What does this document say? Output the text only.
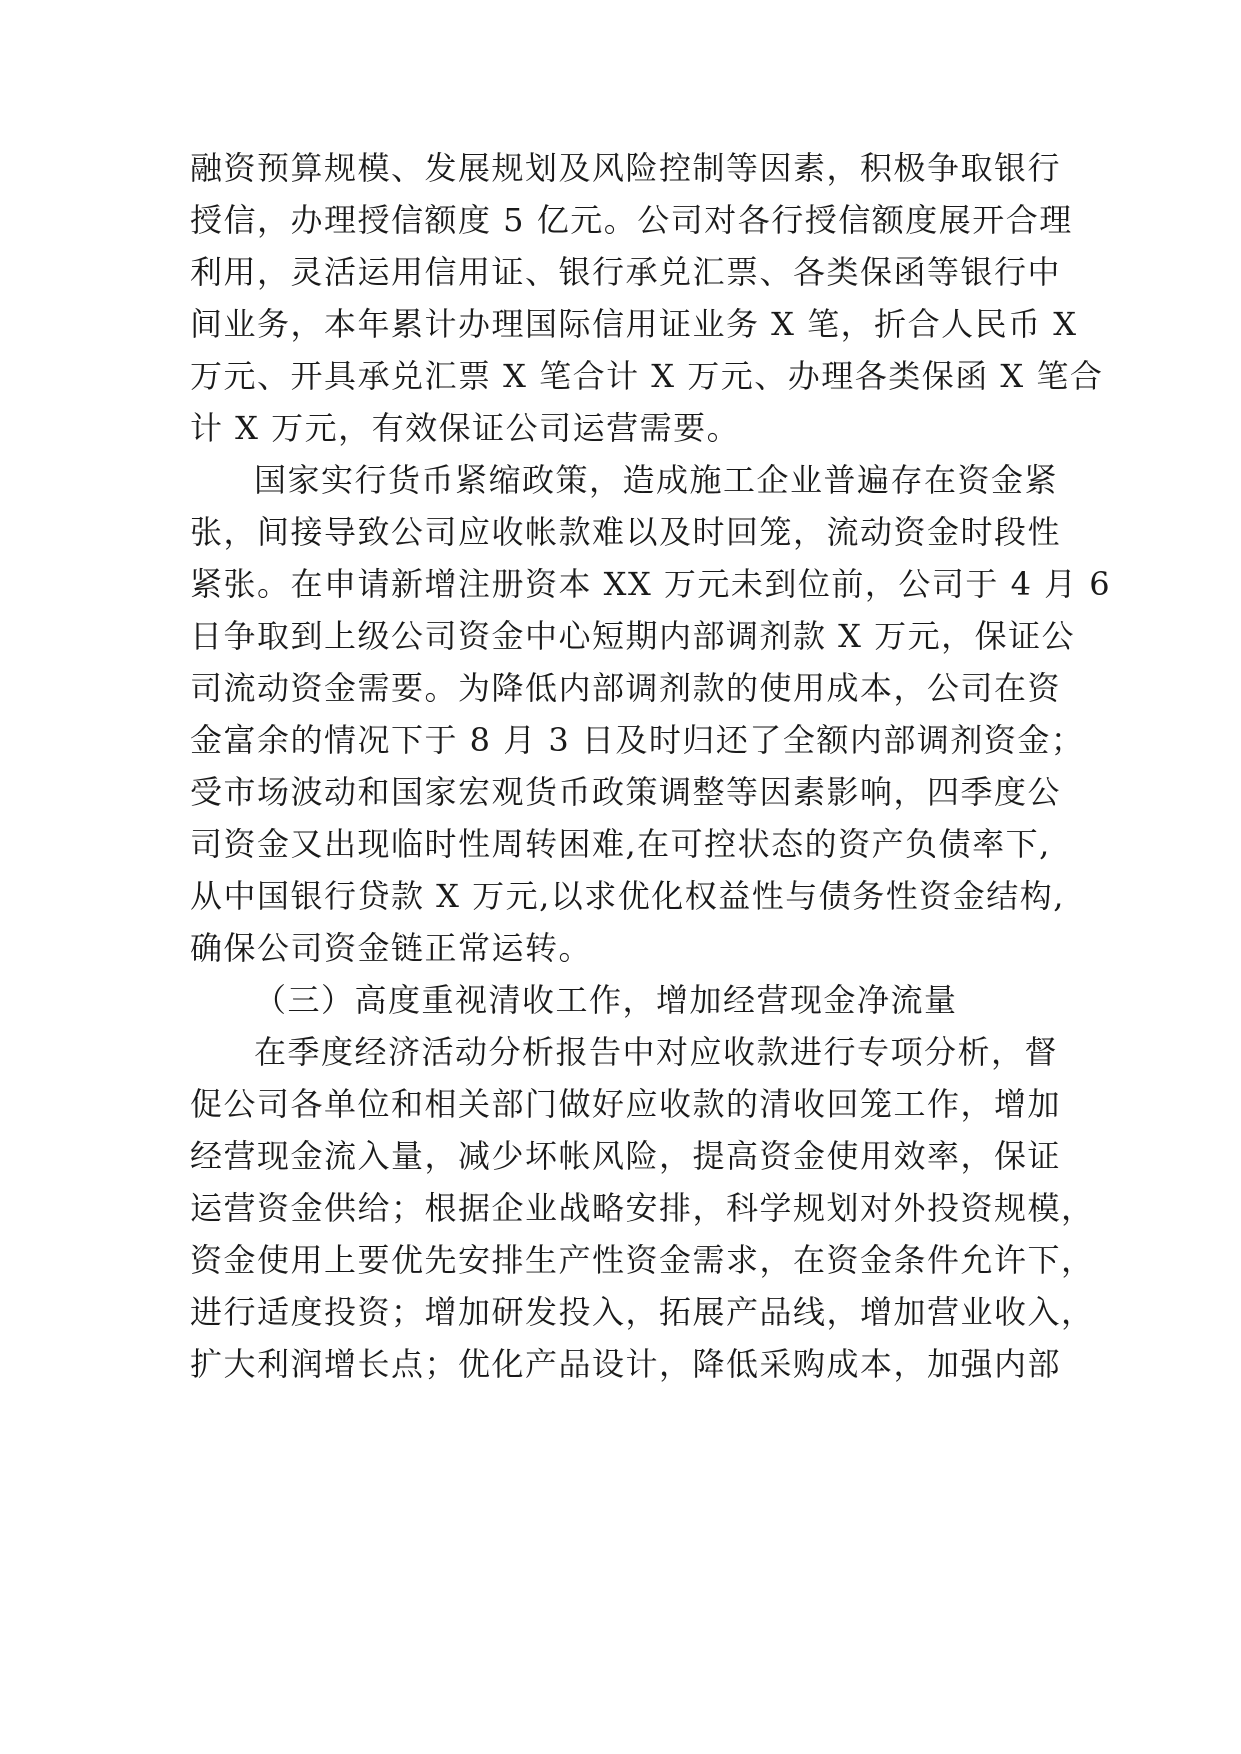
融资预算规模、发展规划及风险控制等因素，积极争取银行

授信，办理授信额度 5 亿元。公司对各行授信额度展开合理

利用，灵活运用信用证、银行承兑汇票、各类保函等银行中

间业务，本年累计办理国际信用证业务 X 笔，折合人民币 X

万元、开具承兑汇票 X 笔合计 X 万元、办理各类保函 X 笔合

计 X 万元，有效保证公司运营需要。

国家实行货币紧缩政策，造成施工企业普遍存在资金紧

张，间接导致公司应收帐款难以及时回笼，流动资金时段性

紧张。在申请新增注册资本 XX 万元未到位前，公司于 4 月 6

日争取到上级公司资金中心短期内部调剂款 X 万元，保证公

司流动资金需要。为降低内部调剂款的使用成本，公司在资

金富余的情况下于 8 月 3 日及时归还了全额内部调剂资金；

受市场波动和国家宏观货币政策调整等因素影响，四季度公

司资金又出现临时性周转困难,在可控状态的资产负债率下,

从中国银行贷款 X 万元,以求优化权益性与债务性资金结构,

确保公司资金链正常运转。

（三）高度重视清收工作，增加经营现金净流量

在季度经济活动分析报告中对应收款进行专项分析，督

促公司各单位和相关部门做好应收款的清收回笼工作，增加

经营现金流入量，减少坏帐风险，提高资金使用效率，保证

运营资金供给；根据企业战略安排，科学规划对外投资规模，

资金使用上要优先安排生产性资金需求，在资金条件允许下，

进行适度投资；增加研发投入，拓展产品线，增加营业收入，

扩大利润增长点；优化产品设计，降低采购成本，加强内部
